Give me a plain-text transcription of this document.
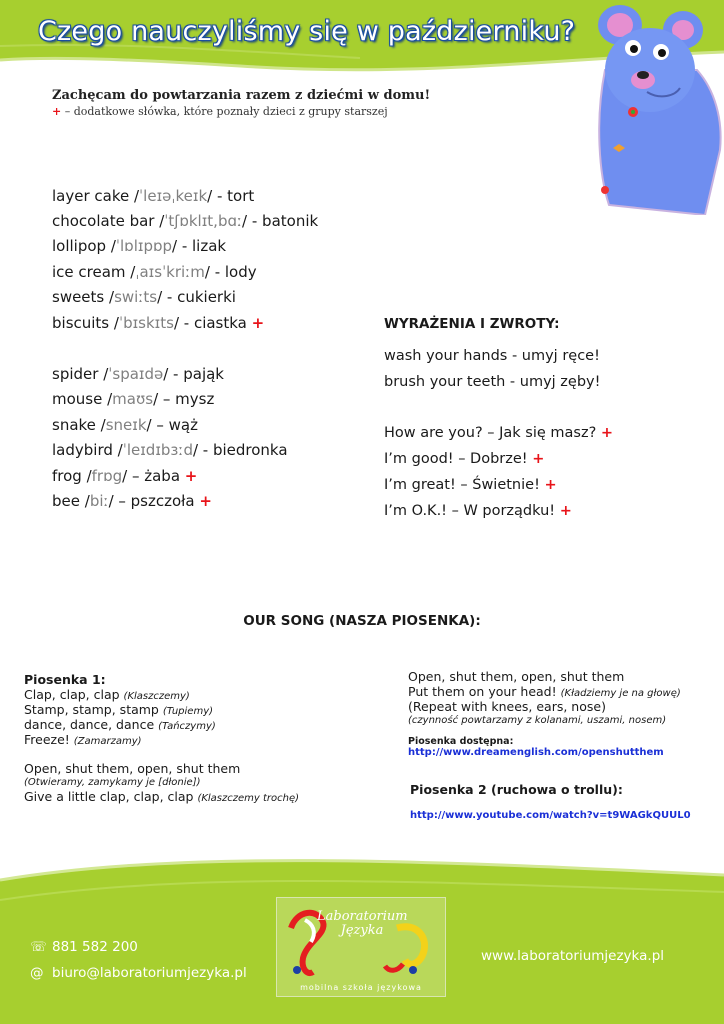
Czego nauczyliśmy się w październiku?
Zachęcam do powtarzania razem z dziećmi w domu!
+ – dodatkowe słówka, które poznały dzieci z grupy starszej
layer cake /ˈleɪəˌkeɪk/ - tort
chocolate bar /ˈtʃɒklɪt,bɑː/ - batonik
lollipop /ˈlɒlɪpɒp/ - lizak
ice cream /ˌaɪsˈkriːm/ - lody
sweets /swiːts/ - cukierki
biscuits /ˈbɪskɪts/ - ciastka +
spider /ˈspaɪdə/ - pająk
mouse /maʊs/ – mysz
snake /sneɪk/ – wąż
ladybird /ˈleɪdɪbɜːd/ - biedronka
frog /frɒg/ – żaba +
bee /biː/ – pszczoła +
WYRAŻENIA I ZWROTY:
wash your hands - umyj ręce!
brush your teeth - umyj zęby!
How are you? – Jak się masz? +
I’m good! – Dobrze! +
I’m great! – Świetnie! +
I’m O.K.! – W porządku! +
OUR SONG (NASZA PIOSENKA):
Piosenka 1:
Clap, clap, clap (Klaszczemy)
Stamp, stamp, stamp (Tupiemy)
dance, dance, dance (Tańczymy)
Freeze! (Zamarzamy)
Open, shut them, open, shut them
(Otwieramy, zamykamy je [dłonie])
Give a little clap, clap, clap (Klaszczemy trochę)
Open, shut them, open, shut them
Put them on your head! (Kładziemy je na głowę)
(Repeat with knees, ears, nose)
(czynność powtarzamy z kolanami, uszami, nosem)
Piosenka dostępna:
http://www.dreamenglish.com/openshutthem
Piosenka 2 (ruchowa o trollu):
http://www.youtube.com/watch?v=t9WAGkQUUL0
Laboratorium
Języka
mobilna szkoła językowa
☏ 881 582 200
@ biuro@laboratoriumjezyka.pl
www.laboratoriumjezyka.pl
